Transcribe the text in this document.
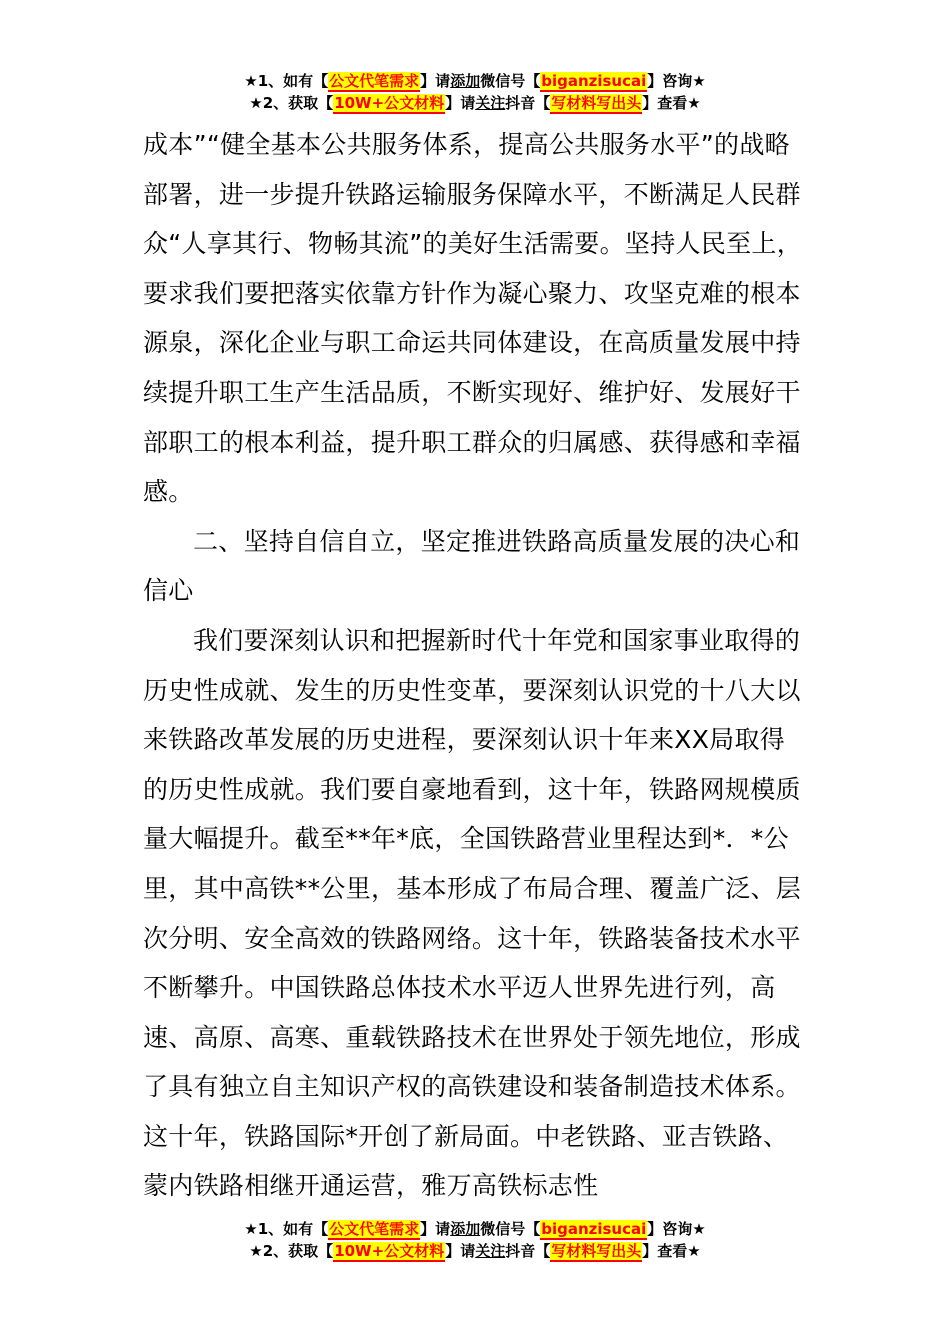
★1、如有【公文代笔需求】请添加微信号【biganzisucai】咨询★
★2、获取【10W+公文材料】请关注抖音【写材料写出头】查看★

成本”“健全基本公共服务体系，提高公共服务水平”的战略部署，进一步提升铁路运输服务保障水平，不断满足人民群众“人享其行、物畅其流”的美好生活需要。坚持人民至上，要求我们要把落实依靠方针作为凝心聚力、攻坚克难的根本源泉，深化企业与职工命运共同体建设，在高质量发展中持续提升职工生产生活品质，不断实现好、维护好、发展好干部职工的根本利益，提升职工群众的归属感、获得感和幸福感。

二、坚持自信自立，坚定推进铁路高质量发展的决心和信心

我们要深刻认识和把握新时代十年党和国家事业取得的历史性成就、发生的历史性变革，要深刻认识党的十八大以来铁路改革发展的历史进程，要深刻认识十年来XX局取得的历史性成就。我们要自豪地看到，这十年，铁路网规模质量大幅提升。截至**年*底，全国铁路营业里程达到*．*公里，其中高铁**公里，基本形成了布局合理、覆盖广泛、层次分明、安全高效的铁路网络。这十年，铁路装备技术水平不断攀升。中国铁路总体技术水平迈人世界先进行列，高速、高原、高寒、重载铁路技术在世界处于领先地位，形成了具有独立自主知识产权的高铁建设和装备制造技术体系。这十年，铁路国际*开创了新局面。中老铁路、亚吉铁路、蒙内铁路相继开通运营，雅万高铁标志性

★1、如有【公文代笔需求】请添加微信号【biganzisucai】咨询★
★2、获取【10W+公文材料】请关注抖音【写材料写出头】查看★
